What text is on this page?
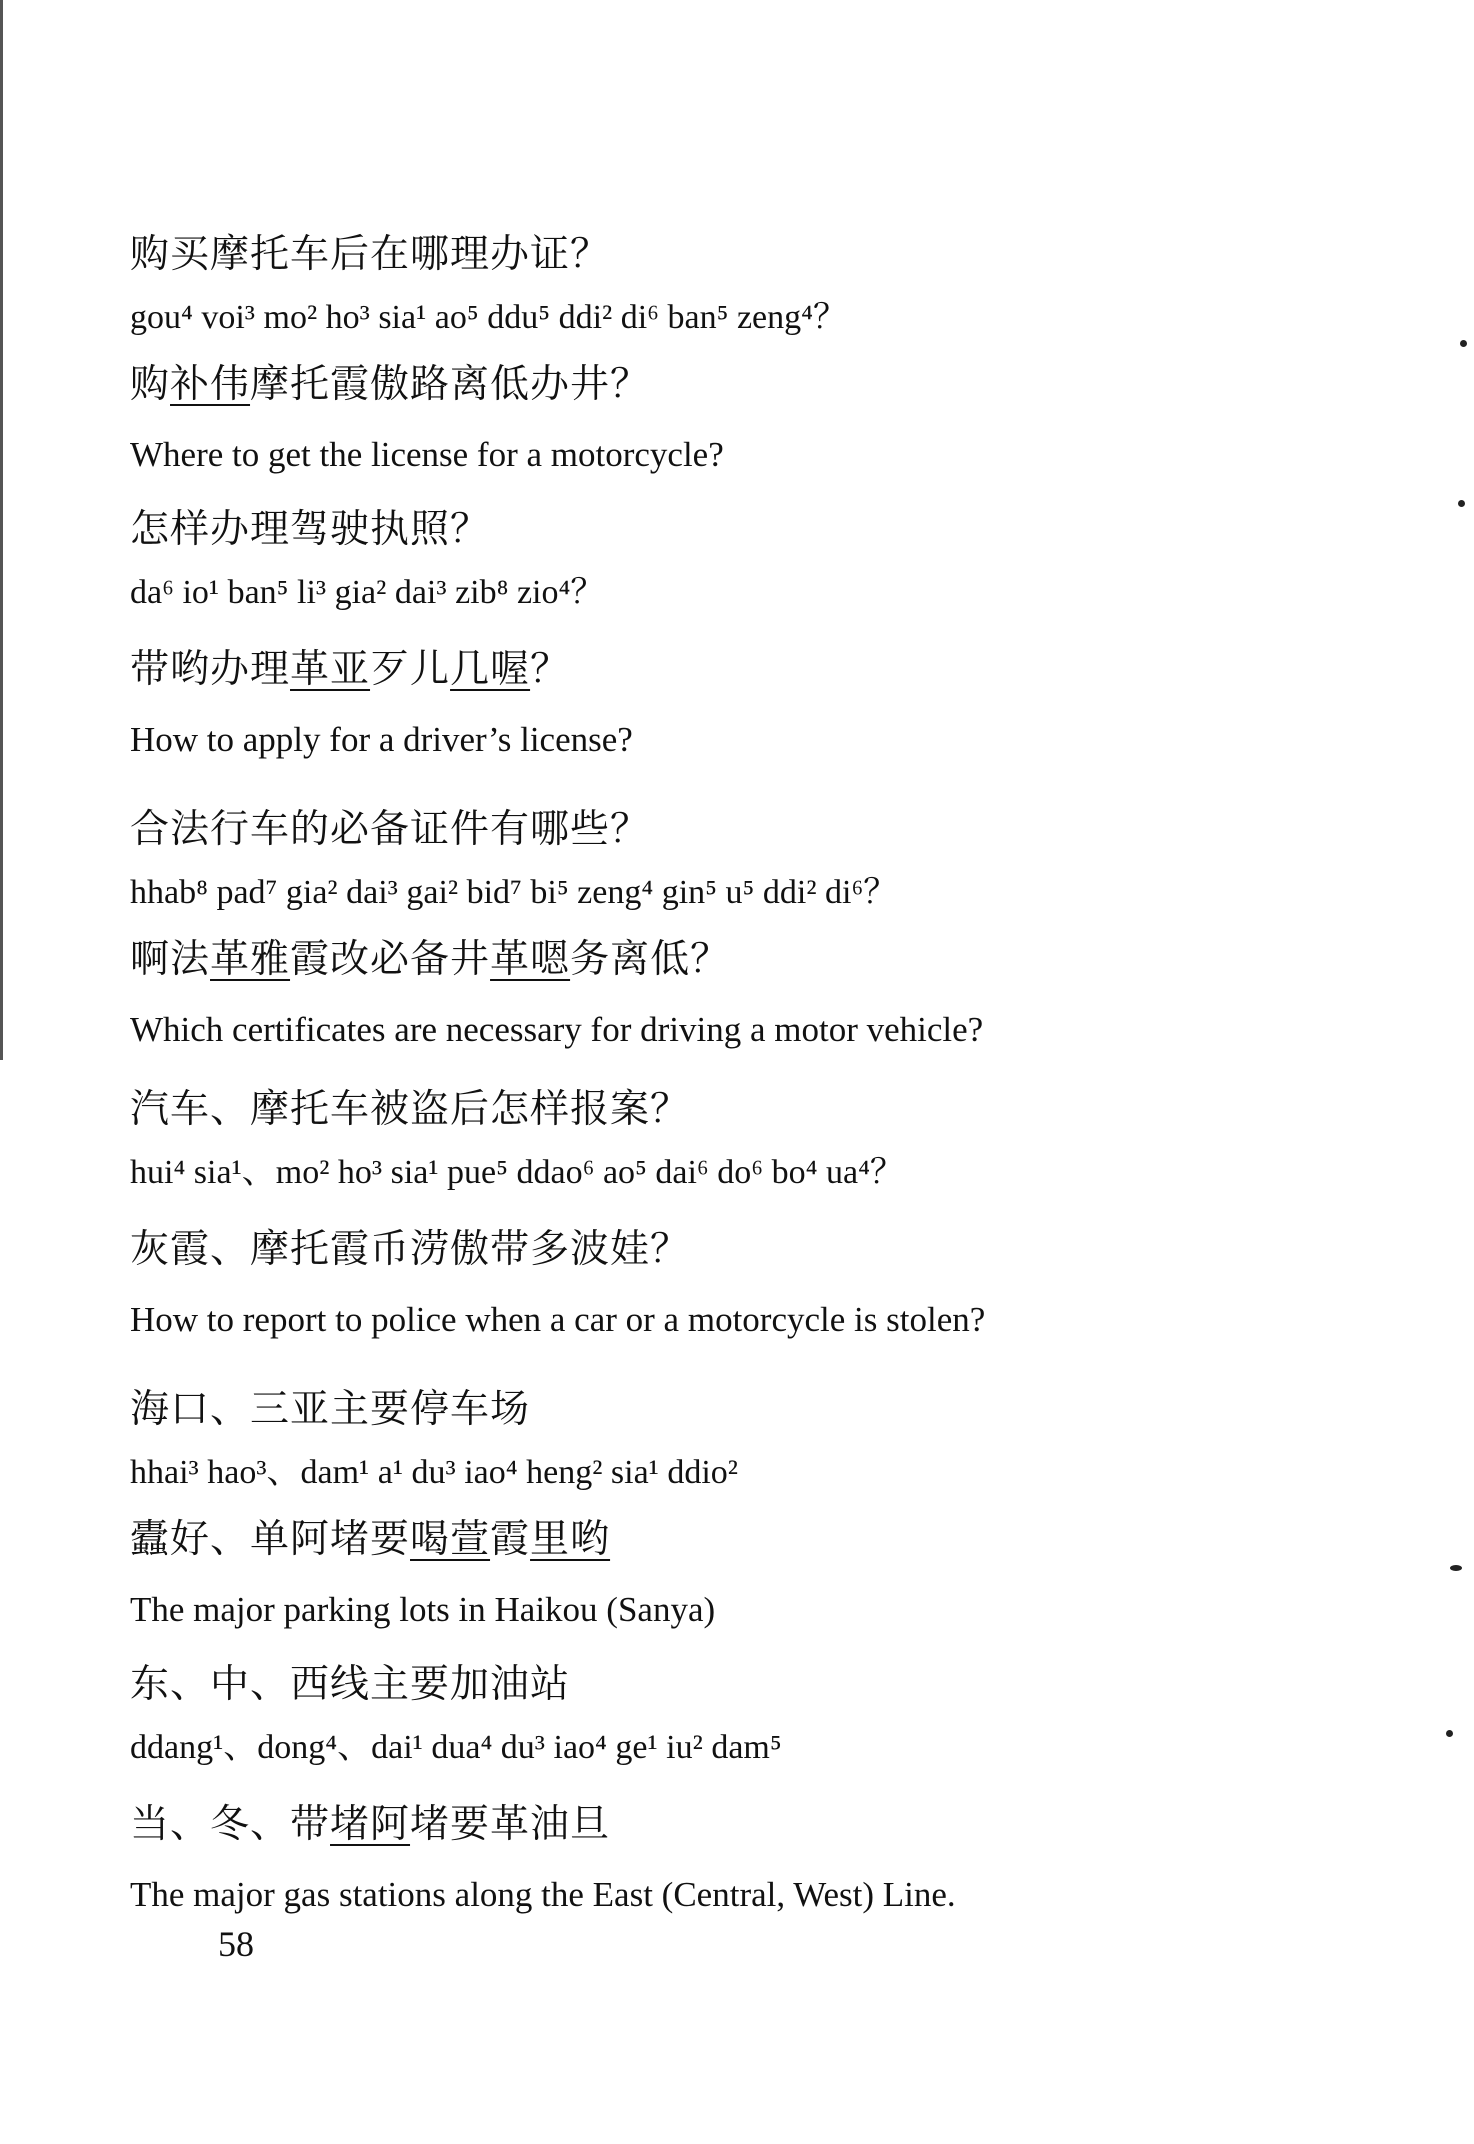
购买摩托车后在哪理办证？
gou⁴ voi³ mo² ho³ sia¹ ao⁵ ddu⁵ ddi² di⁶ ban⁵ zeng⁴？
购补伟摩托霞傲路离低办井？
Where to get the license for a motorcycle?
怎样办理驾驶执照？
da⁶ io¹ ban⁵ li³ gia² dai³ zib⁸ zio⁴？
带哟办理革亚歹儿几喔？
How to apply for a driver’s license?
合法行车的必备证件有哪些？
hhab⁸ pad⁷ gia² dai³ gai² bid⁷ bi⁵ zeng⁴ gin⁵ u⁵ ddi² di⁶？
啊法革雅霞改必备井革嗯务离低？
Which certificates are necessary for driving a motor vehicle?
汽车、摩托车被盗后怎样报案？
hui⁴ sia¹、mo² ho³ sia¹ pue⁵ ddao⁶ ao⁵ dai⁶ do⁶ bo⁴ ua⁴？
灰霞、摩托霞币涝傲带多波娃？
How to report to police when a car or a motorcycle is stolen?
海口、三亚主要停车场
hhai³ hao³、dam¹ a¹ du³ iao⁴ heng² sia¹ ddio²
蠹好、单阿堵要喝萱霞里哟
The major parking lots in Haikou (Sanya)
东、中、西线主要加油站
ddang¹、dong⁴、dai¹ dua⁴ du³ iao⁴ ge¹ iu² dam⁵
当、冬、带堵阿堵要革油旦
The major gas stations along the East (Central, West) Line.
58
